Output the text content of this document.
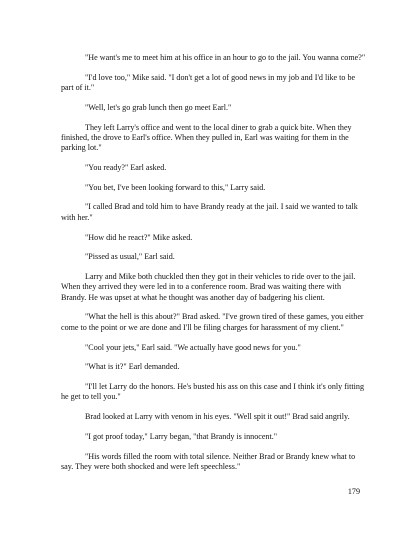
"He want's me to meet him at his office in an hour to go to the jail. You wanna come?"

"I'd love too," Mike said. "I don't get a lot of good news in my job and I'd like to be part of it."

"Well, let's go grab lunch then go meet Earl."

They left Larry's office and went to the local diner to grab a quick bite. When they finished, the drove to Earl's office. When they pulled in, Earl was waiting for them in the parking lot."

"You ready?" Earl asked.

"You bet, I've been looking forward to this," Larry said.

"I called Brad and told him to have Brandy ready at the jail. I said we wanted to talk with her."

"How did he react?" Mike asked.

"Pissed as usual," Earl said.

Larry and Mike both chuckled then they got in their vehicles to ride over to the jail. When they arrived they were led in to a conference room. Brad was waiting there with Brandy. He was upset at what he thought was another day of badgering his client.

"What the hell is this about?" Brad asked. "I've grown tired of these games, you either come to the point or we are done and I'll be filing charges for harassment of my client."

"Cool your jets," Earl said. "We actually have good news for you."

"What is it?" Earl demanded.

"I'll let Larry do the honors. He's busted his ass on this case and I think it's only fitting he get to tell you."

Brad looked at Larry with venom in his eyes. "Well spit it out!" Brad said angrily.

"I got proof today," Larry began, "that Brandy is innocent."

"His words filled the room with total silence. Neither Brad or Brandy knew what to say. They were both shocked and were left speechless."

179
